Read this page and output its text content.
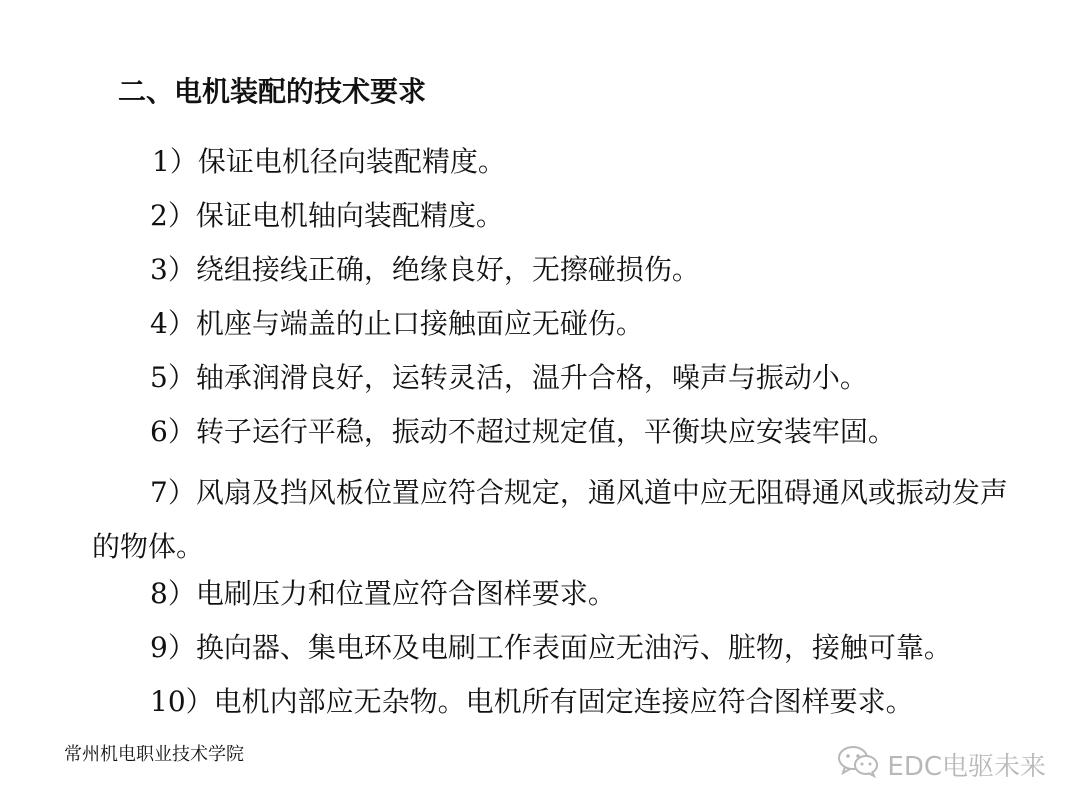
二、电机装配的技术要求
1）保证电机径向装配精度。
2）保证电机轴向装配精度。
3）绕组接线正确，绝缘良好，无擦碰损伤。
4）机座与端盖的止口接触面应无碰伤。
5）轴承润滑良好，运转灵活，温升合格，噪声与振动小。
6）转子运行平稳，振动不超过规定值，平衡块应安装牢固。
7）风扇及挡风板位置应符合规定，通风道中应无阻碍通风或振动发声的物体。
8）电刷压力和位置应符合图样要求。
9）换向器、集电环及电刷工作表面应无油污、脏物，接触可靠。
10）电机内部应无杂物。电机所有固定连接应符合图样要求。
常州机电职业技术学院	EDC电驱未来
